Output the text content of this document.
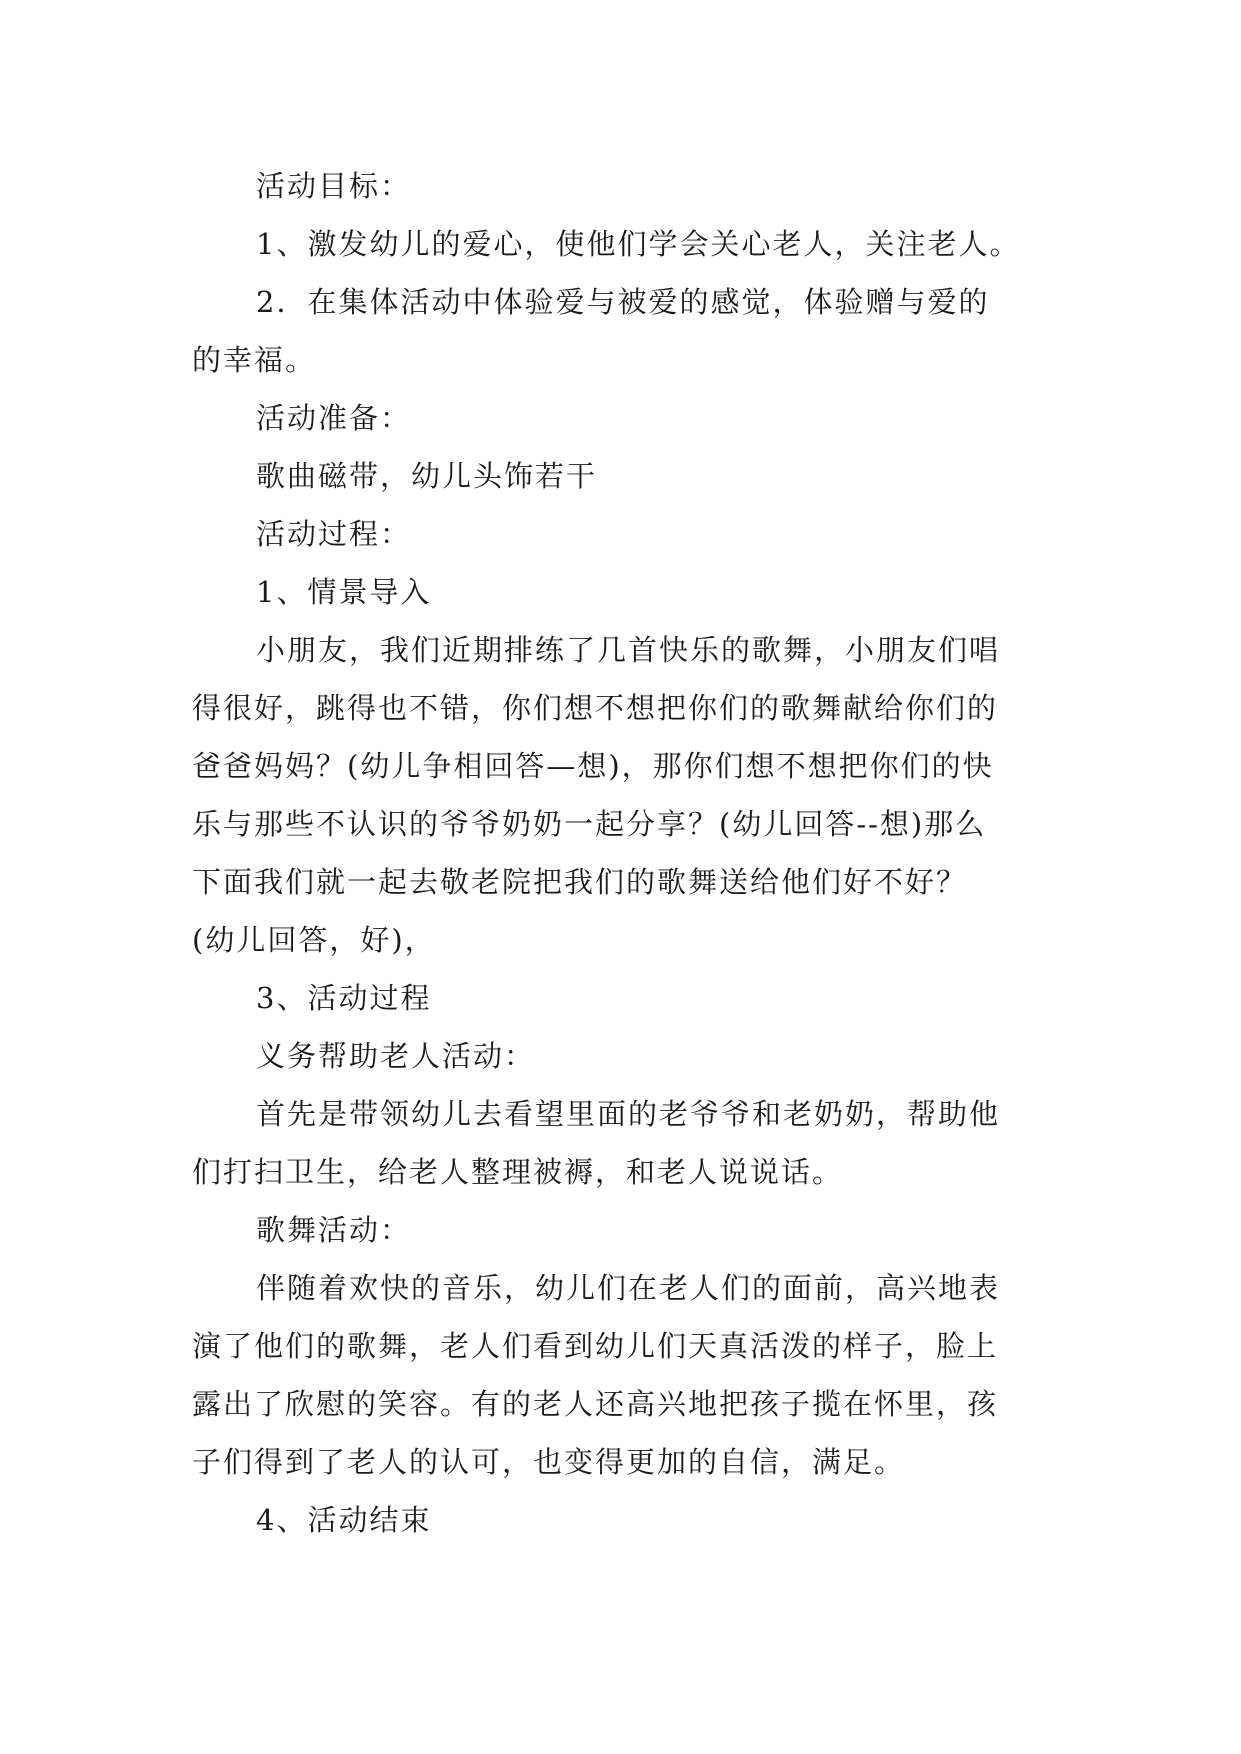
活动目标：
1、激发幼儿的爱心，使他们学会关心老人，关注老人。
2．在集体活动中体验爱与被爱的感觉，体验赠与爱的
的幸福。
活动准备：
歌曲磁带，幼儿头饰若干
活动过程：
1、情景导入
小朋友，我们近期排练了几首快乐的歌舞，小朋友们唱
得很好，跳得也不错，你们想不想把你们的歌舞献给你们的
爸爸妈妈？(幼儿争相回答—想)，那你们想不想把你们的快
乐与那些不认识的爷爷奶奶一起分享？(幼儿回答--想)那么
下面我们就一起去敬老院把我们的歌舞送给他们好不好？
(幼儿回答，好)，
3、活动过程
义务帮助老人活动：
首先是带领幼儿去看望里面的老爷爷和老奶奶，帮助他
们打扫卫生，给老人整理被褥，和老人说说话。
歌舞活动：
伴随着欢快的音乐，幼儿们在老人们的面前，高兴地表
演了他们的歌舞，老人们看到幼儿们天真活泼的样子，脸上
露出了欣慰的笑容。有的老人还高兴地把孩子揽在怀里，孩
子们得到了老人的认可，也变得更加的自信，满足。
4、活动结束
